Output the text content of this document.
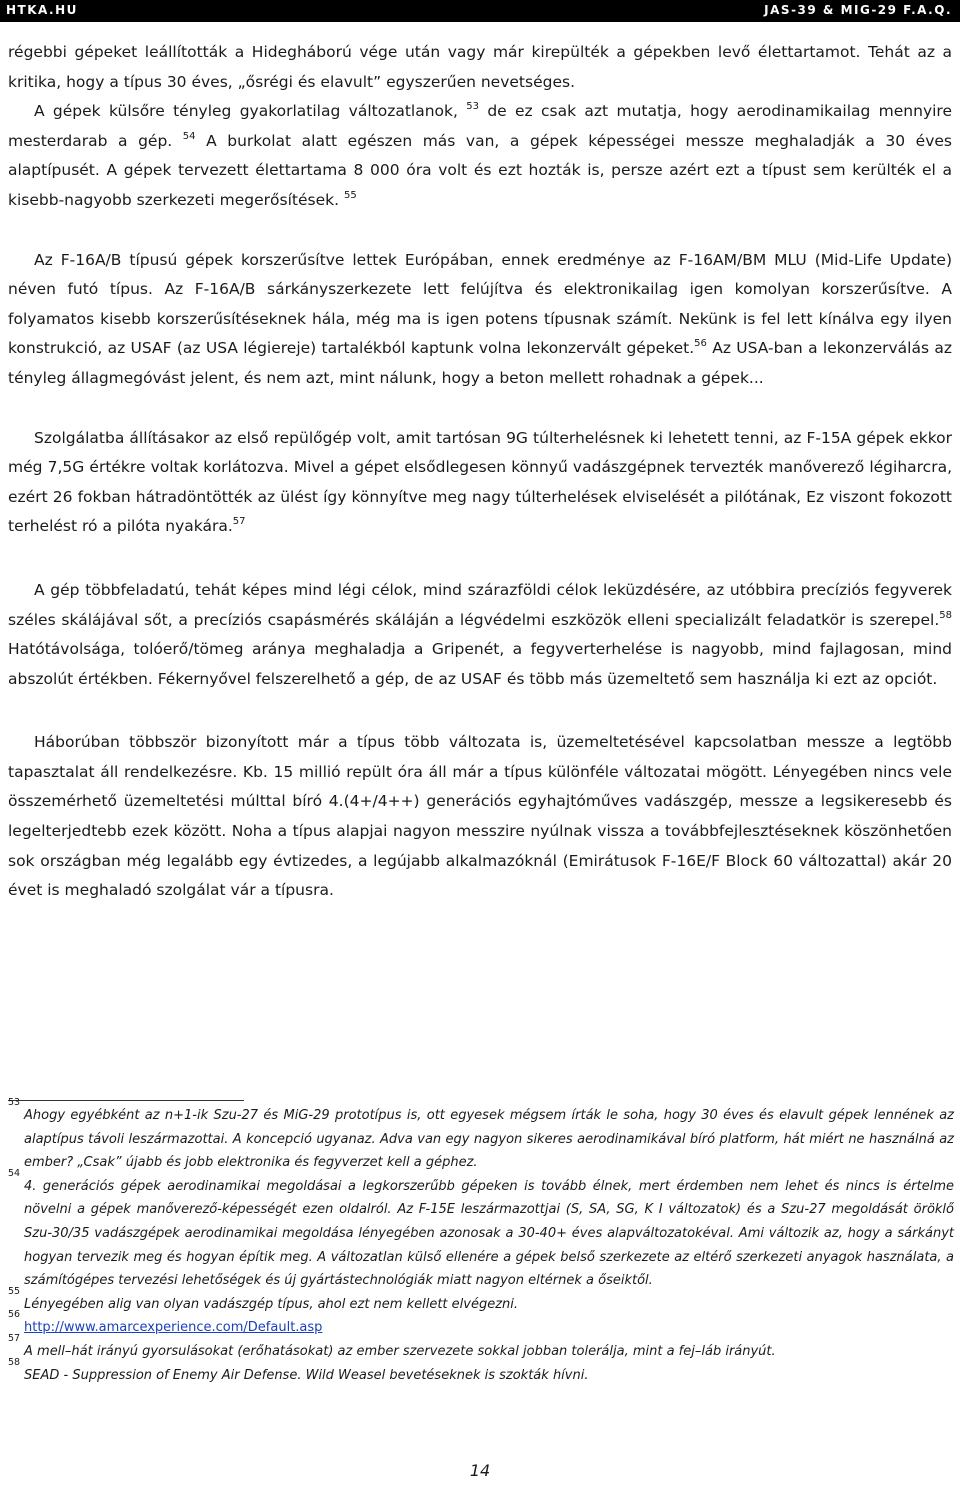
HTKA.HU	JAS-39 & MIG-29 F.A.Q.

régebbi gépeket leállították a Hidegháború vége után vagy már kirepülték a gépekben levő élettartamot. Tehát az a kritika, hogy a típus 30 éves, „ősrégi és elavult” egyszerűen nevetséges.

A gépek külsőre tényleg gyakorlatilag változatlanok, $^{53}$ de ez csak azt mutatja, hogy aerodinamikailag mennyire mesterdarab a gép. $^{54}$ A burkolat alatt egészen más van, a gépek képességei messze meghaladják a 30 éves alaptípusét. A gépek tervezett élettartama 8 000 óra volt és ezt hozták is, persze azért ezt a típust sem kerülték el a kisebb-nagyobb szerkezeti megerősítések. $^{55}$

Az F-16A/B típusú gépek korszerűsítve lettek Európában, ennek eredménye az F-16AM/BM MLU (Mid-Life Update) néven futó típus. Az F-16A/B sárkányszerkezete lett felújítva és elektronikailag igen komolyan korszerűsítve. A folyamatos kisebb korszerűsítéseknek hála, még ma is igen potens típusnak számít. Nekünk is fel lett kínálva egy ilyen konstrukció, az USAF (az USA légiereje) tartalékból kaptunk volna lekonzervált gépeket.$^{56}$ Az USA-ban a lekonzerválás az tényleg állagmegóvást jelent, és nem azt, mint nálunk, hogy a beton mellett rohadnak a gépek...

Szolgálatba állításakor az első repülőgép volt, amit tartósan 9G túlterhelésnek ki lehetett tenni, az F-15A gépek ekkor még 7,5G értékre voltak korlátozva. Mivel a gépet elsődlegesen könnyű vadászgépnek tervezték manőverező légiharcra, ezért 26 fokban hátradöntötték az ülést így könnyítve meg nagy túlterhelések elviselését a pilótának, Ez viszont fokozott terhelést ró a pilóta nyakára.$^{57}$

A gép többfeladatú, tehát képes mind légi célok, mind szárazföldi célok leküzdésére, az utóbbira precíziós fegyverek széles skálájával sőt, a precíziós csapásmérés skáláján a légvédelmi eszközök elleni specializált feladatkör is szerepel.$^{58}$ Hatótávolsága, tolóerő/tömeg aránya meghaladja a Gripenét, a fegyverterhelése is nagyobb, mind fajlagosan, mind abszolút értékben. Fékernyővel felszerelhető a gép, de az USAF és több más üzemeltető sem használja ki ezt az opciót.

Háborúban többször bizonyított már a típus több változata is, üzemeltetésével kapcsolatban messze a legtöbb tapasztalat áll rendelkezésre. Kb. 15 millió repült óra áll már a típus különféle változatai mögött. Lényegében nincs vele összemérhető üzemeltetési múlttal bíró 4.(4+/4++) generációs egyhajtóműves vadászgép, messze a legsikeresebb és legelterjedtebb ezek között. Noha a típus alapjai nagyon messzire nyúlnak vissza a továbbfejlesztéseknek köszönhetően sok országban még legalább egy évtizedes, a legújabb alkalmazóknál (Emirátusok F-16E/F Block 60 változattal) akár 20 évet is meghaladó szolgálat vár a típusra.

53
Ahogy egyébként az n+1-ik Szu-27 és MiG-29 prototípus is, ott egyesek mégsem írták le soha, hogy 30 éves és elavult gépek lennének az alaptípus távoli leszármazottai. A koncepció ugyanaz. Adva van egy nagyon sikeres aerodinamikával bíró platform, hát miért ne használná az ember? „Csak” újabb és jobb elektronika és fegyverzet kell a géphez.
54
4. generációs gépek aerodinamikai megoldásai a legkorszerűbb gépeken is tovább élnek, mert érdemben nem lehet és nincs is értelme növelni a gépek manőverező-képességét ezen oldalról. Az F-15E leszármazottjai (S, SA, SG, K I változatok) és a Szu-27 megoldását öröklő Szu-30/35 vadászgépek aerodinamikai megoldása lényegében azonosak a 30-40+ éves alapváltozatokéval. Ami változik az, hogy a sárkányt hogyan tervezik meg és hogyan építik meg. A változatlan külső ellenére a gépek belső szerkezete az eltérő szerkezeti anyagok használata, a számítógépes tervezési lehetőségek és új gyártástechnológiák miatt nagyon eltérnek a őseiktől.
55
Lényegében alig van olyan vadászgép típus, ahol ezt nem kellett elvégezni.
56
http://www.amarcexperience.com/Default.asp
57
A mell–hát irányú gyorsulásokat (erőhatásokat) az ember szervezete sokkal jobban tolerálja, mint a fej–láb irányút.
58
SEAD - Suppression of Enemy Air Defense. Wild Weasel bevetéseknek is szokták hívni.
14
